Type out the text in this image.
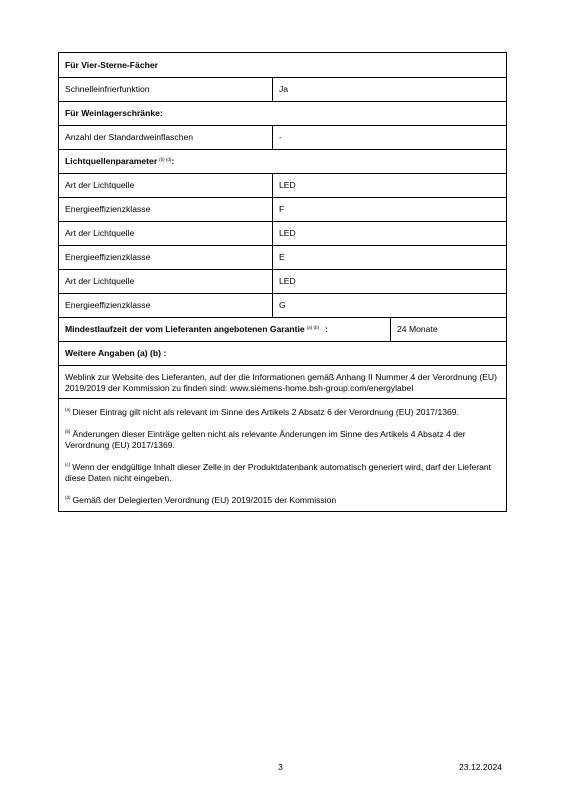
Für Vier-Sterne-Fächer
Schnelleinfrierfunktion	Ja
Für Weinlagerschränke:
Anzahl der Standardweinflaschen	-
Lichtquellenparameter $^{(b) (d)}$ :
Art der Lichtquelle	LED
Energieeffizienzklasse	F
Art der Lichtquelle	LED
Energieeffizienzklasse	E
Art der Lichtquelle	LED
Energieeffizienzklasse	G
Mindestlaufzeit der vom Lieferanten angebotenen Garantie $^{(a) (b)}$ :	24 Monate
Weitere Angaben (a) (b) :
Weblink zur Website des Lieferanten, auf der die Informationen gemäß Anhang II Nummer 4 der Verordnung (EU) 2019/2019 der Kommission zu finden sind: www.siemens-home.bsh-group.com/energylabel
$^{(a)}$ Dieser Eintrag gilt nicht als relevant im Sinne des Artikels 2 Absatz 6 der Verordnung (EU) 2017/1369.
$^{(b)}$ Änderungen dieser Einträge gelten nicht als relevante Änderungen im Sinne des Artikels 4 Absatz 4 der Verordnung (EU) 2017/1369.
$^{(c)}$ Wenn der endgültige Inhalt dieser Zelle in der Produktdatenbank automatisch generiert wird, darf der Lieferant diese Daten nicht eingeben.
$^{(d)}$ Gemäß der Delegierten Verordnung (EU) 2019/2015 der Kommission
3	23.12.2024
